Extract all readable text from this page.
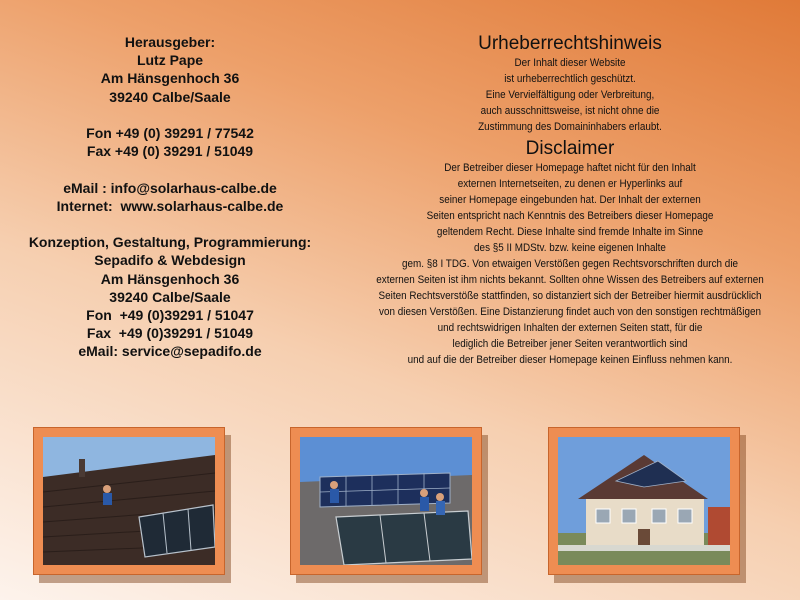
Herausgeber:
Lutz Pape
Am Hänsgenhoch 36
39240 Calbe/Saale
Fon +49 (0) 39291 / 77542
Fax +49 (0) 39291 / 51049
eMail : info@solarhaus-calbe.de
Internet:  www.solarhaus-calbe.de
Konzeption, Gestaltung, Programmierung:
Sepadifo & Webdesign
Am Hänsgenhoch 36
39240 Calbe/Saale
Fon  +49 (0)39291 / 51047
Fax  +49 (0)39291 / 51049
eMail: service@sepadifo.de
Urheberrechtshinweis
Der Inhalt dieser Website
ist urheberrechtlich geschützt.
Eine Vervielfältigung oder Verbreitung,
auch ausschnittsweise, ist nicht ohne die
Zustimmung des Domaininhabers erlaubt.
Disclaimer
Der Betreiber dieser Homepage haftet nicht für den Inhalt
externen Internetseiten, zu denen er Hyperlinks auf
seiner Homepage eingebunden hat. Der Inhalt der externen
Seiten entspricht nach Kenntnis des Betreibers dieser Homepage
geltendem Recht. Diese Inhalte sind fremde Inhalte im Sinne
des §5 II MDStv. bzw. keine eigenen Inhalte
gem. §8 I TDG. Von etwaigen Verstößen gegen Rechtsvorschriften durch die
externen Seiten ist ihm nichts bekannt. Sollten ohne Wissen des Betreibers auf externen
Seiten Rechtsverstöße stattfinden, so distanziert sich der Betreiber hiermit ausdrücklich
von diesen Verstößen. Eine Distanzierung findet auch von den sonstigen rechtmäßigen
und rechtswidrigen Inhalten der externen Seiten statt, für die
lediglich die Betreiber jener Seiten verantwortlich sind
und auf die der Betreiber dieser Homepage keinen Einfluss nehmen kann.
